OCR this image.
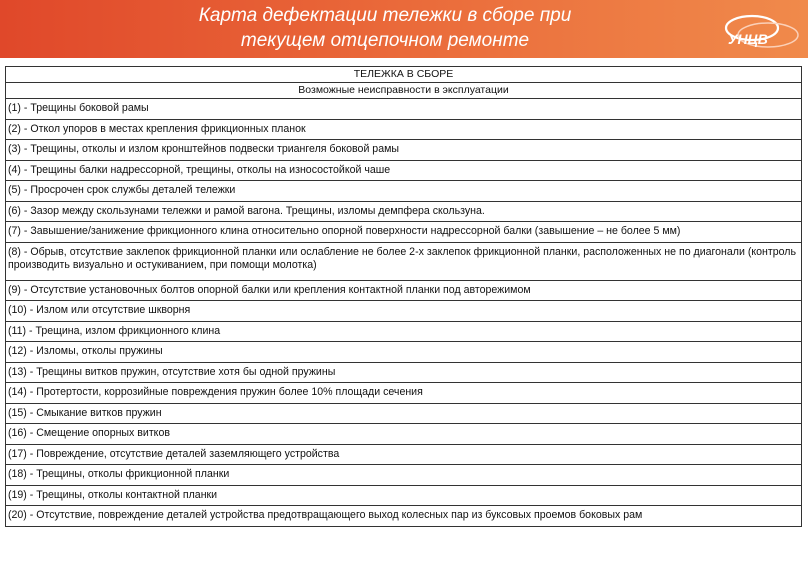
Карта дефектации тележки в сборе при
текущем отцепочном ремонте	УНЦВ
ТЕЛЕЖКА В СБОРЕ
Возможные неисправности в эксплуатации
(1) - Трещины боковой рамы
(2) - Откол упоров в местах крепления фрикционных планок
(3) - Трещины, отколы и излом кронштейнов подвески триангеля боковой рамы
(4) - Трещины балки надрессорной, трещины, отколы на износостойкой чаше
(5) - Просрочен срок службы деталей тележки
(6) - Зазор между скользунами тележки и рамой вагона. Трещины, изломы демпфера скользуна.
(7) - Завышение/занижение фрикционного клина относительно опорной поверхности надрессорной балки (завышение – не более 5 мм)
(8) - Обрыв, отсутствие заклепок фрикционной планки или ослабление не более 2-х заклепок фрикционной планки, расположенных не по диагонали (контроль производить визуально и остукиванием, при помощи молотка)
(9) - Отсутствие установочных болтов опорной балки или крепления контактной планки под авторежимом
(10) - Излом или отсутствие шкворня
(11) - Трещина, излом фрикционного клина
(12) - Изломы, отколы пружины
(13) - Трещины витков пружин, отсутствие хотя бы одной пружины
(14) - Протертости, коррозийные повреждения пружин более 10% площади сечения
(15) - Смыкание витков пружин
(16) - Смещение опорных витков
(17) - Повреждение, отсутствие деталей заземляющего устройства
(18) - Трещины, отколы фрикционной планки
(19) - Трещины, отколы контактной планки
(20) - Отсутствие, повреждение деталей устройства предотвращающего выход колесных пар из буксовых проемов боковых рам
